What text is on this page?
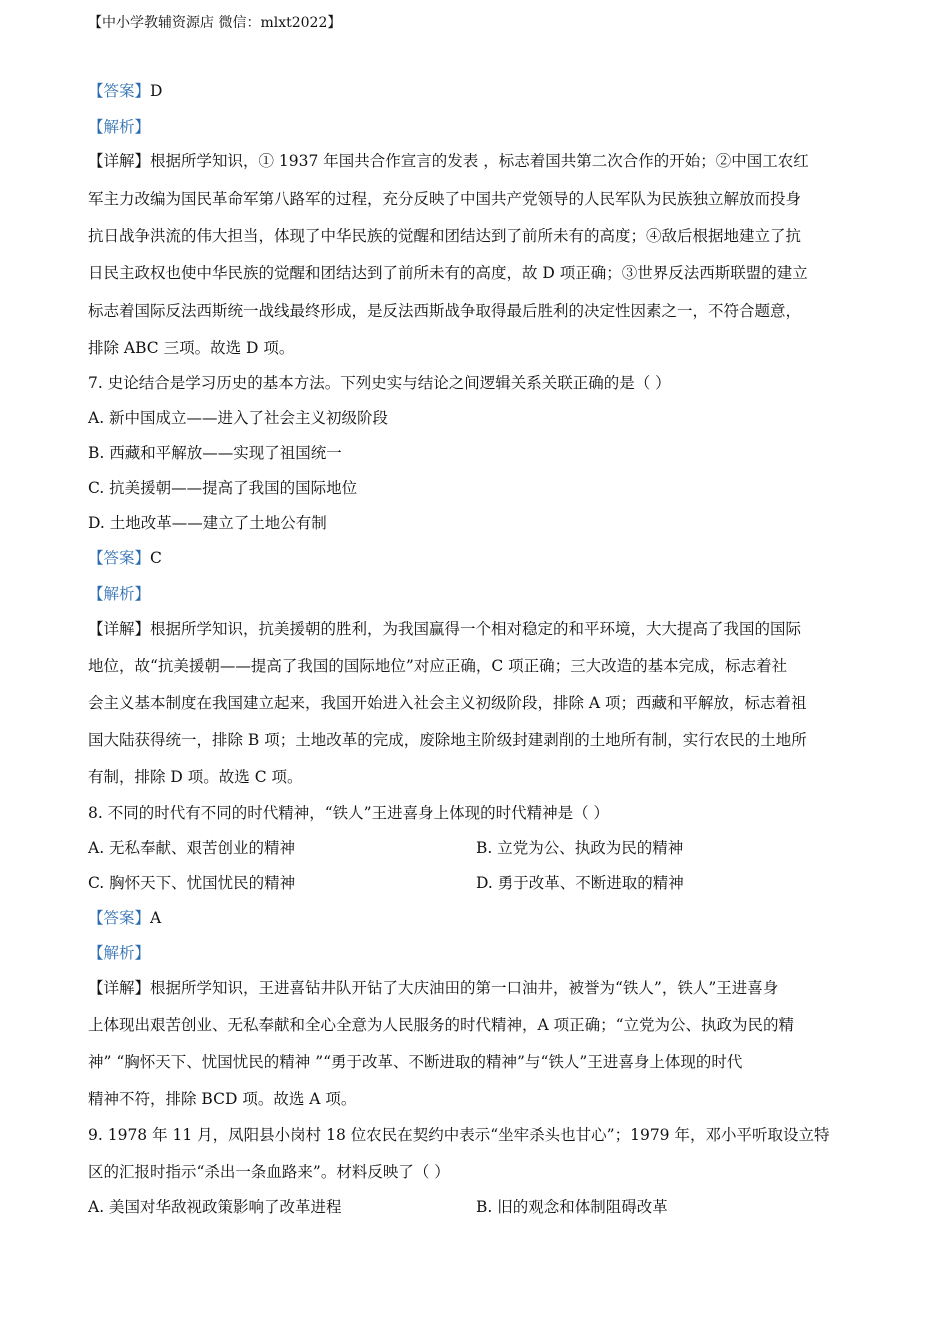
【中小学教辅资源店 微信：mlxt2022】
【答案】D
【解析】
【详解】根据所学知识，① 1937 年国共合作宣言的发表 ，标志着国共第二次合作的开始；②中国工农红
军主力改编为国民革命军第八路军的过程，充分反映了中国共产党领导的人民军队为民族独立解放而投身
抗日战争洪流的伟大担当，体现了中华民族的觉醒和团结达到了前所未有的高度；④敌后根据地建立了抗
日民主政权也使中华民族的觉醒和团结达到了前所未有的高度，故 D 项正确；③世界反法西斯联盟的建立
标志着国际反法西斯统一战线最终形成，是反法西斯战争取得最后胜利的决定性因素之一，不符合题意，
排除 ABC 三项。故选 D 项。
7. 史论结合是学习历史的基本方法。下列史实与结论之间逻辑关系关联正确的是（ ）
A. 新中国成立——进入了社会主义初级阶段
B. 西藏和平解放——实现了祖国统一
C. 抗美援朝——提高了我国的国际地位
D. 土地改革——建立了土地公有制
【答案】C
【解析】
【详解】根据所学知识，抗美援朝的胜利，为我国赢得一个相对稳定的和平环境，大大提高了我国的国际
地位，故“抗美援朝——提高了我国的国际地位”对应正确，C 项正确；三大改造的基本完成，标志着社
会主义基本制度在我国建立起来，我国开始进入社会主义初级阶段，排除 A 项；西藏和平解放，标志着祖
国大陆获得统一，排除 B 项；土地改革的完成，废除地主阶级封建剥削的土地所有制，实行农民的土地所
有制，排除 D 项。故选 C 项。
8. 不同的时代有不同的时代精神，“铁人”王进喜身上体现的时代精神是（ ）
A. 无私奉献、艰苦创业的精神	B. 立党为公、执政为民的精神
C. 胸怀天下、忧国忧民的精神	D. 勇于改革、不断进取的精神
【答案】A
【解析】
【详解】根据所学知识，王进喜钻井队开钻了大庆油田的第一口油井，被誉为“铁人”，铁人”王进喜身
上体现出艰苦创业、无私奉献和全心全意为人民服务的时代精神，A 项正确；“立党为公、执政为民的精
神” “胸怀天下、忧国忧民的精神 ”“勇于改革、不断进取的精神”与“铁人”王进喜身上体现的时代
精神不符，排除 BCD 项。故选 A 项。
9. 1978 年 11 月，凤阳县小岗村 18 位农民在契约中表示“坐牢杀头也甘心”；1979 年，邓小平听取设立特
区的汇报时指示“杀出一条血路来”。材料反映了（ ）
A. 美国对华敌视政策影响了改革进程	B. 旧的观念和体制阻碍改革
